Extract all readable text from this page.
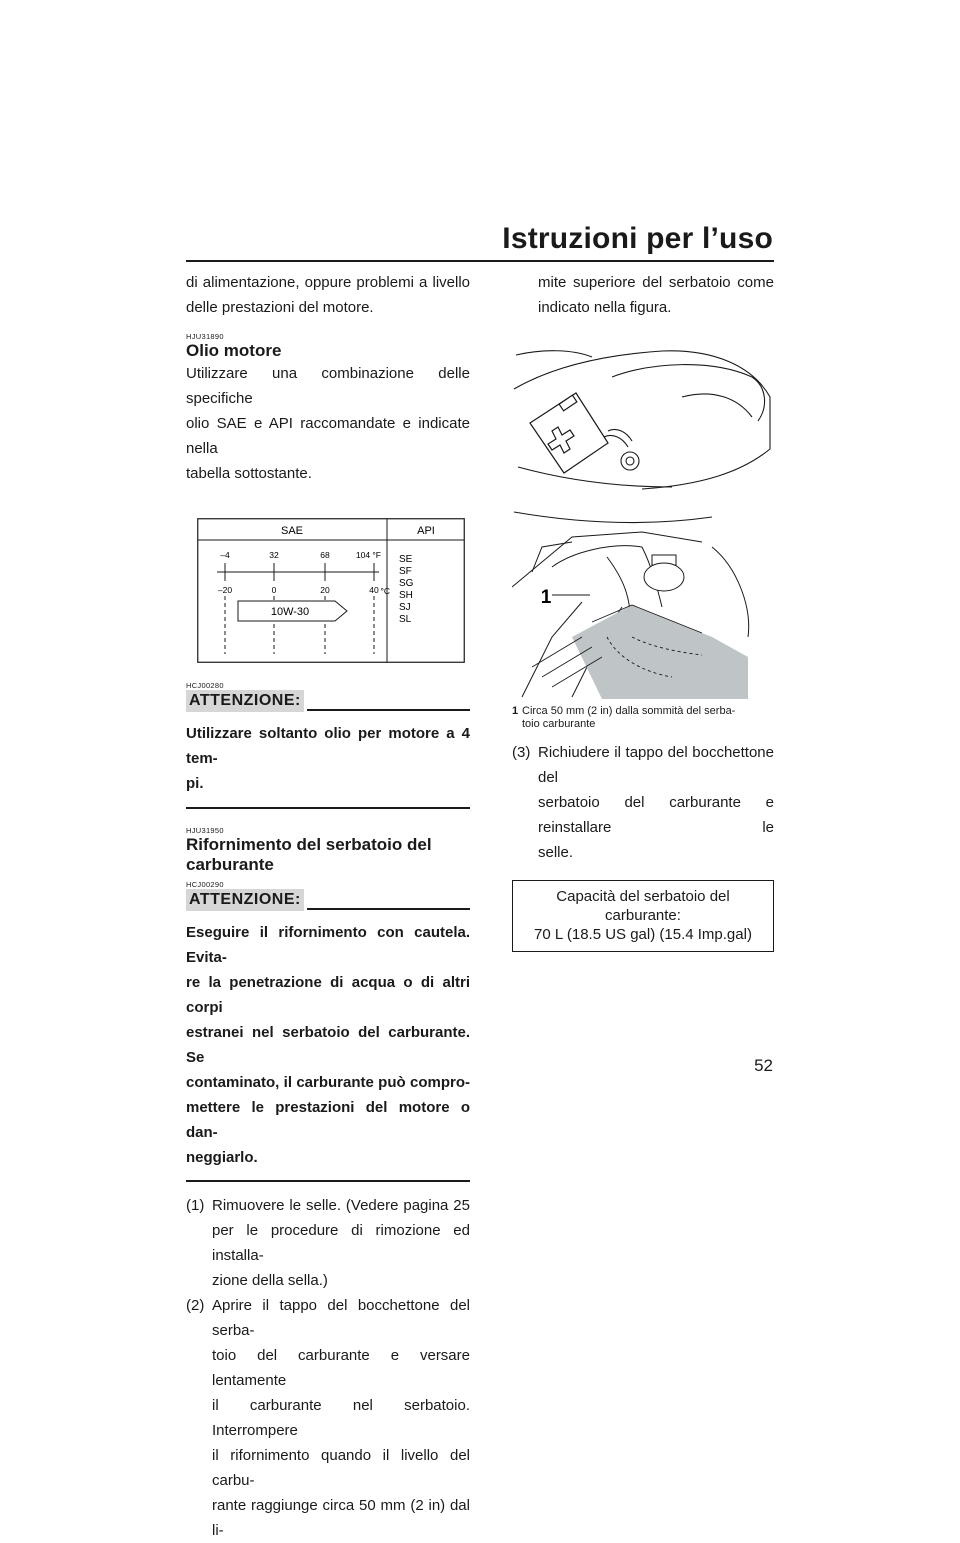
Istruzioni per l’uso

di alimentazione, oppure problemi a livello
delle prestazioni del motore.

HJU31890
Olio motore

Utilizzare una combinazione delle specifiche
olio SAE e API raccomandate e indicate nella
tabella sottostante.

SAE	API
–4	32	68	104 °F
–20	0	20	40 °C
10W-30
SE
SF
SG
SH
SJ
SL
HCJ00280
ATTENZIONE:
Utilizzare soltanto olio per motore a 4 tem-
pi.
HJU31950
Rifornimento del serbatoio del
carburante
HCJ00290
ATTENZIONE:
Eseguire il rifornimento con cautela. Evita-
re la penetrazione di acqua o di altri corpi
estranei nel serbatoio del carburante. Se
contaminato, il carburante può compro-
mettere le prestazioni del motore o dan-
neggiarlo.
(1) Rimuovere le selle. (Vedere pagina 25
per le procedure di rimozione ed installa-
zione della sella.)
(2) Aprire il tappo del bocchettone del serba-
toio del carburante e versare lentamente
il carburante nel serbatoio. Interrompere
il rifornimento quando il livello del carbu-
rante raggiunge circa 50 mm (2 in) dal li-

mite superiore del serbatoio come
indicato nella figura.

1
1 Circa 50 mm (2 in) dalla sommità del serba-
toio carburante
(3) Richiudere il tappo del bocchettone del
serbatoio del carburante e reinstallare le
selle.
Capacità del serbatoio del carburante:
70 L (18.5 US gal) (15.4 Imp.gal)
52
